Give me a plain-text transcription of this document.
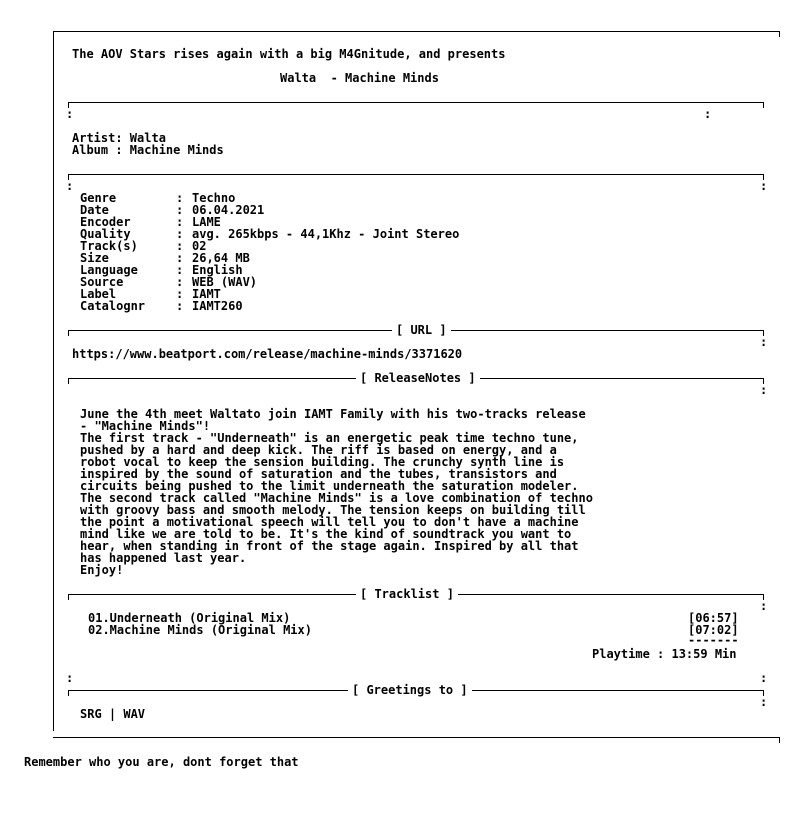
The AOV Stars rises again with a big M4Gnitude, and presents
Walta  - Machine Minds
:	:
Artist: Walta
Album : Machine Minds
:	:
Genre	: Techno
Date	: 06.04.2021
Encoder	: LAME
Quality	: avg. 265kbps - 44,1Khz - Joint Stereo
Track(s)	: 02
Size	: 26,64 MB
Language	: English
Source	: WEB (WAV)
Label	: IAMT
Catalognr	: IAMT260
[ URL ]
:
https://www.beatport.com/release/machine-minds/3371620
[ ReleaseNotes ]
:
June the 4th meet Waltato join IAMT Family with his two-tracks release
- "Machine Minds"!
The first track - "Underneath" is an energetic peak time techno tune,
pushed by a hard and deep kick. The riff is based on energy, and a
robot vocal to keep the sension building. The crunchy synth line is
inspired by the sound of saturation and the tubes, transistors and
circuits being pushed to the limit underneath the saturation modeler.
The second track called "Machine Minds" is a love combination of techno
with groovy bass and smooth melody. The tension keeps on building till
the point a motivational speech will tell you to don't have a machine
mind like we are told to be. It's the kind of soundtrack you want to
hear, when standing in front of the stage again. Inspired by all that
has happened last year.
Enjoy!
[ Tracklist ]
:
01.Underneath (Original Mix)	[06:57]
02.Machine Minds (Original Mix)	[07:02]
-------
Playtime : 13:59 Min
:	:
[ Greetings to ]
:
SRG | WAV
Remember who you are, dont forget that
